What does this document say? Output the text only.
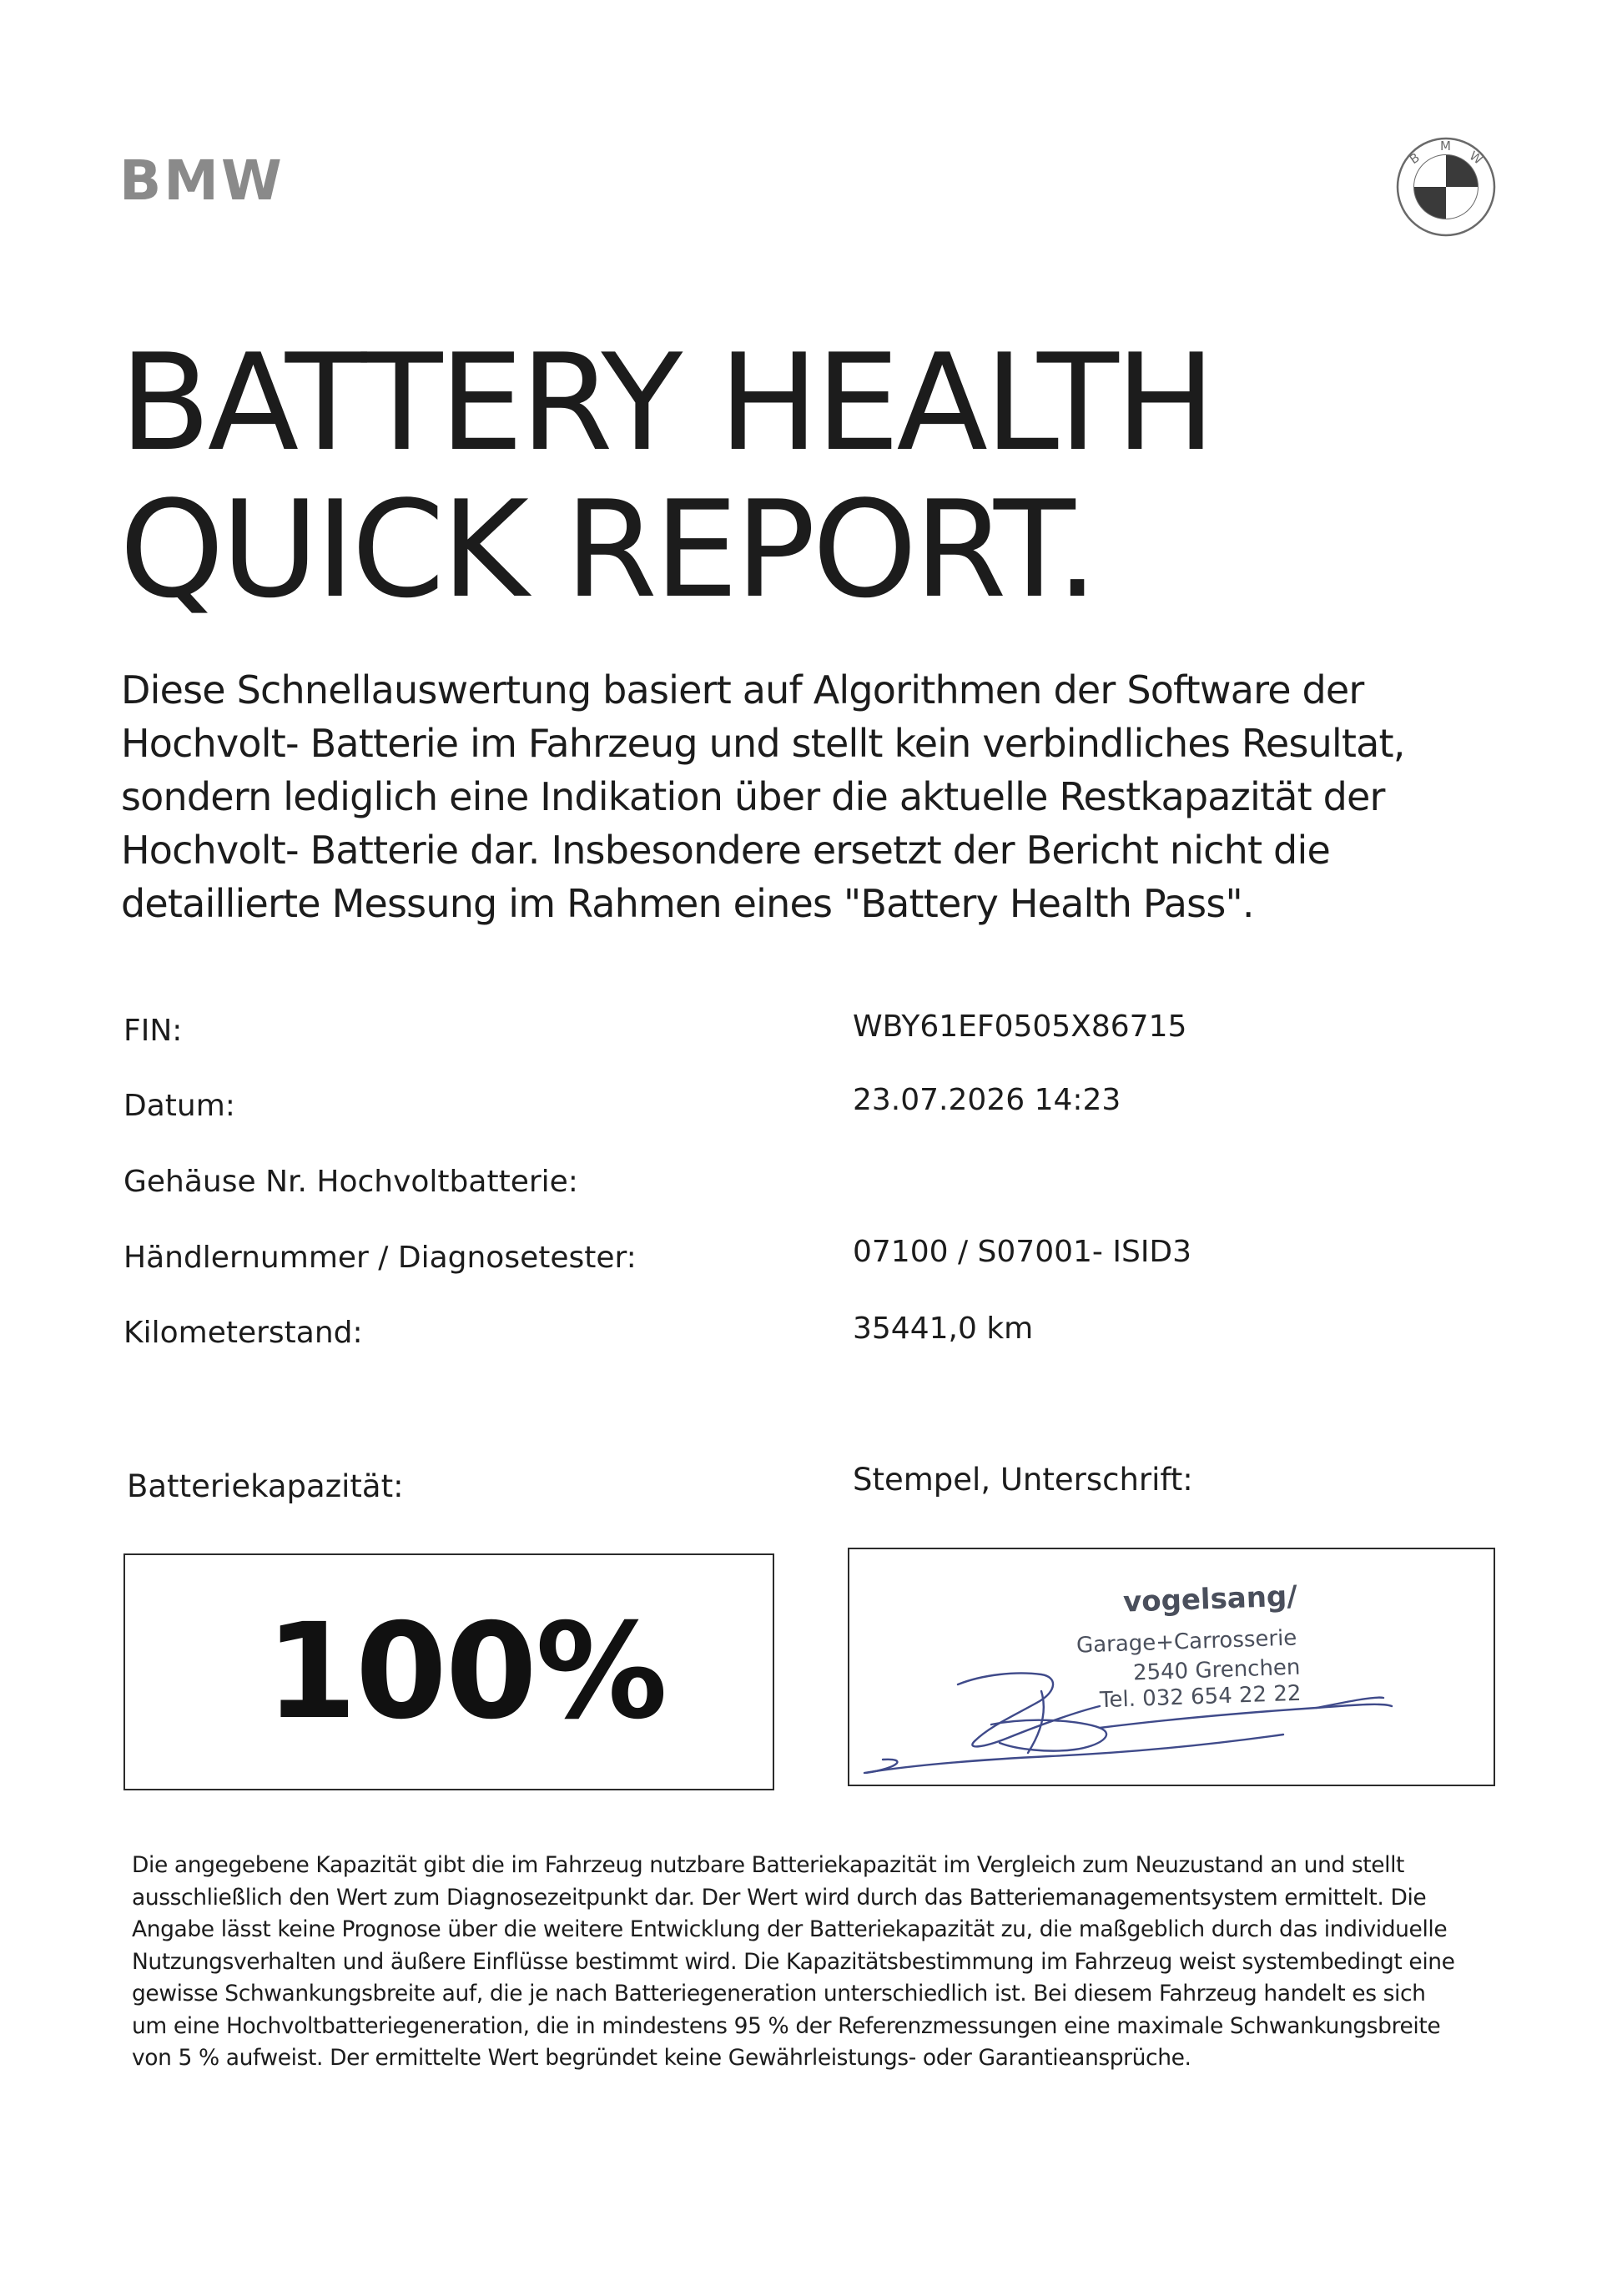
BMW	B
M
W
BATTERY HEALTH
QUICK REPORT.
Diese Schnellauswertung basiert auf Algorithmen der Software der
Hochvolt- Batterie im Fahrzeug und stellt kein verbindliches Resultat,
sondern lediglich eine Indikation über die aktuelle Restkapazität der
Hochvolt- Batterie dar. Insbesondere ersetzt der Bericht nicht die
detaillierte Messung im Rahmen eines "Battery Health Pass".
FIN:	WBY61EF0505X86715
Datum:	23.07.2026 14:23
Gehäuse Nr. Hochvoltbatterie:
Händlernummer / Diagnosetester:	07100 / S07001- ISID3
Kilometerstand:	35441,0 km
Batteriekapazität:	Stempel, Unterschrift:
100%	vogelsang/
Garage+Carrosserie
2540 Grenchen
Tel. 032 654 22 22
Die angegebene Kapazität gibt die im Fahrzeug nutzbare Batteriekapazität im Vergleich zum Neuzustand an und stellt
ausschließlich den Wert zum Diagnosezeitpunkt dar. Der Wert wird durch das Batteriemanagementsystem ermittelt. Die
Angabe lässt keine Prognose über die weitere Entwicklung der Batteriekapazität zu, die maßgeblich durch das individuelle
Nutzungsverhalten und äußere Einflüsse bestimmt wird. Die Kapazitätsbestimmung im Fahrzeug weist systembedingt eine
gewisse Schwankungsbreite auf, die je nach Batteriegeneration unterschiedlich ist. Bei diesem Fahrzeug handelt es sich
um eine Hochvoltbatteriegeneration, die in mindestens 95 % der Referenzmessungen eine maximale Schwankungsbreite
von 5 % aufweist. Der ermittelte Wert begründet keine Gewährleistungs- oder Garantieansprüche.
